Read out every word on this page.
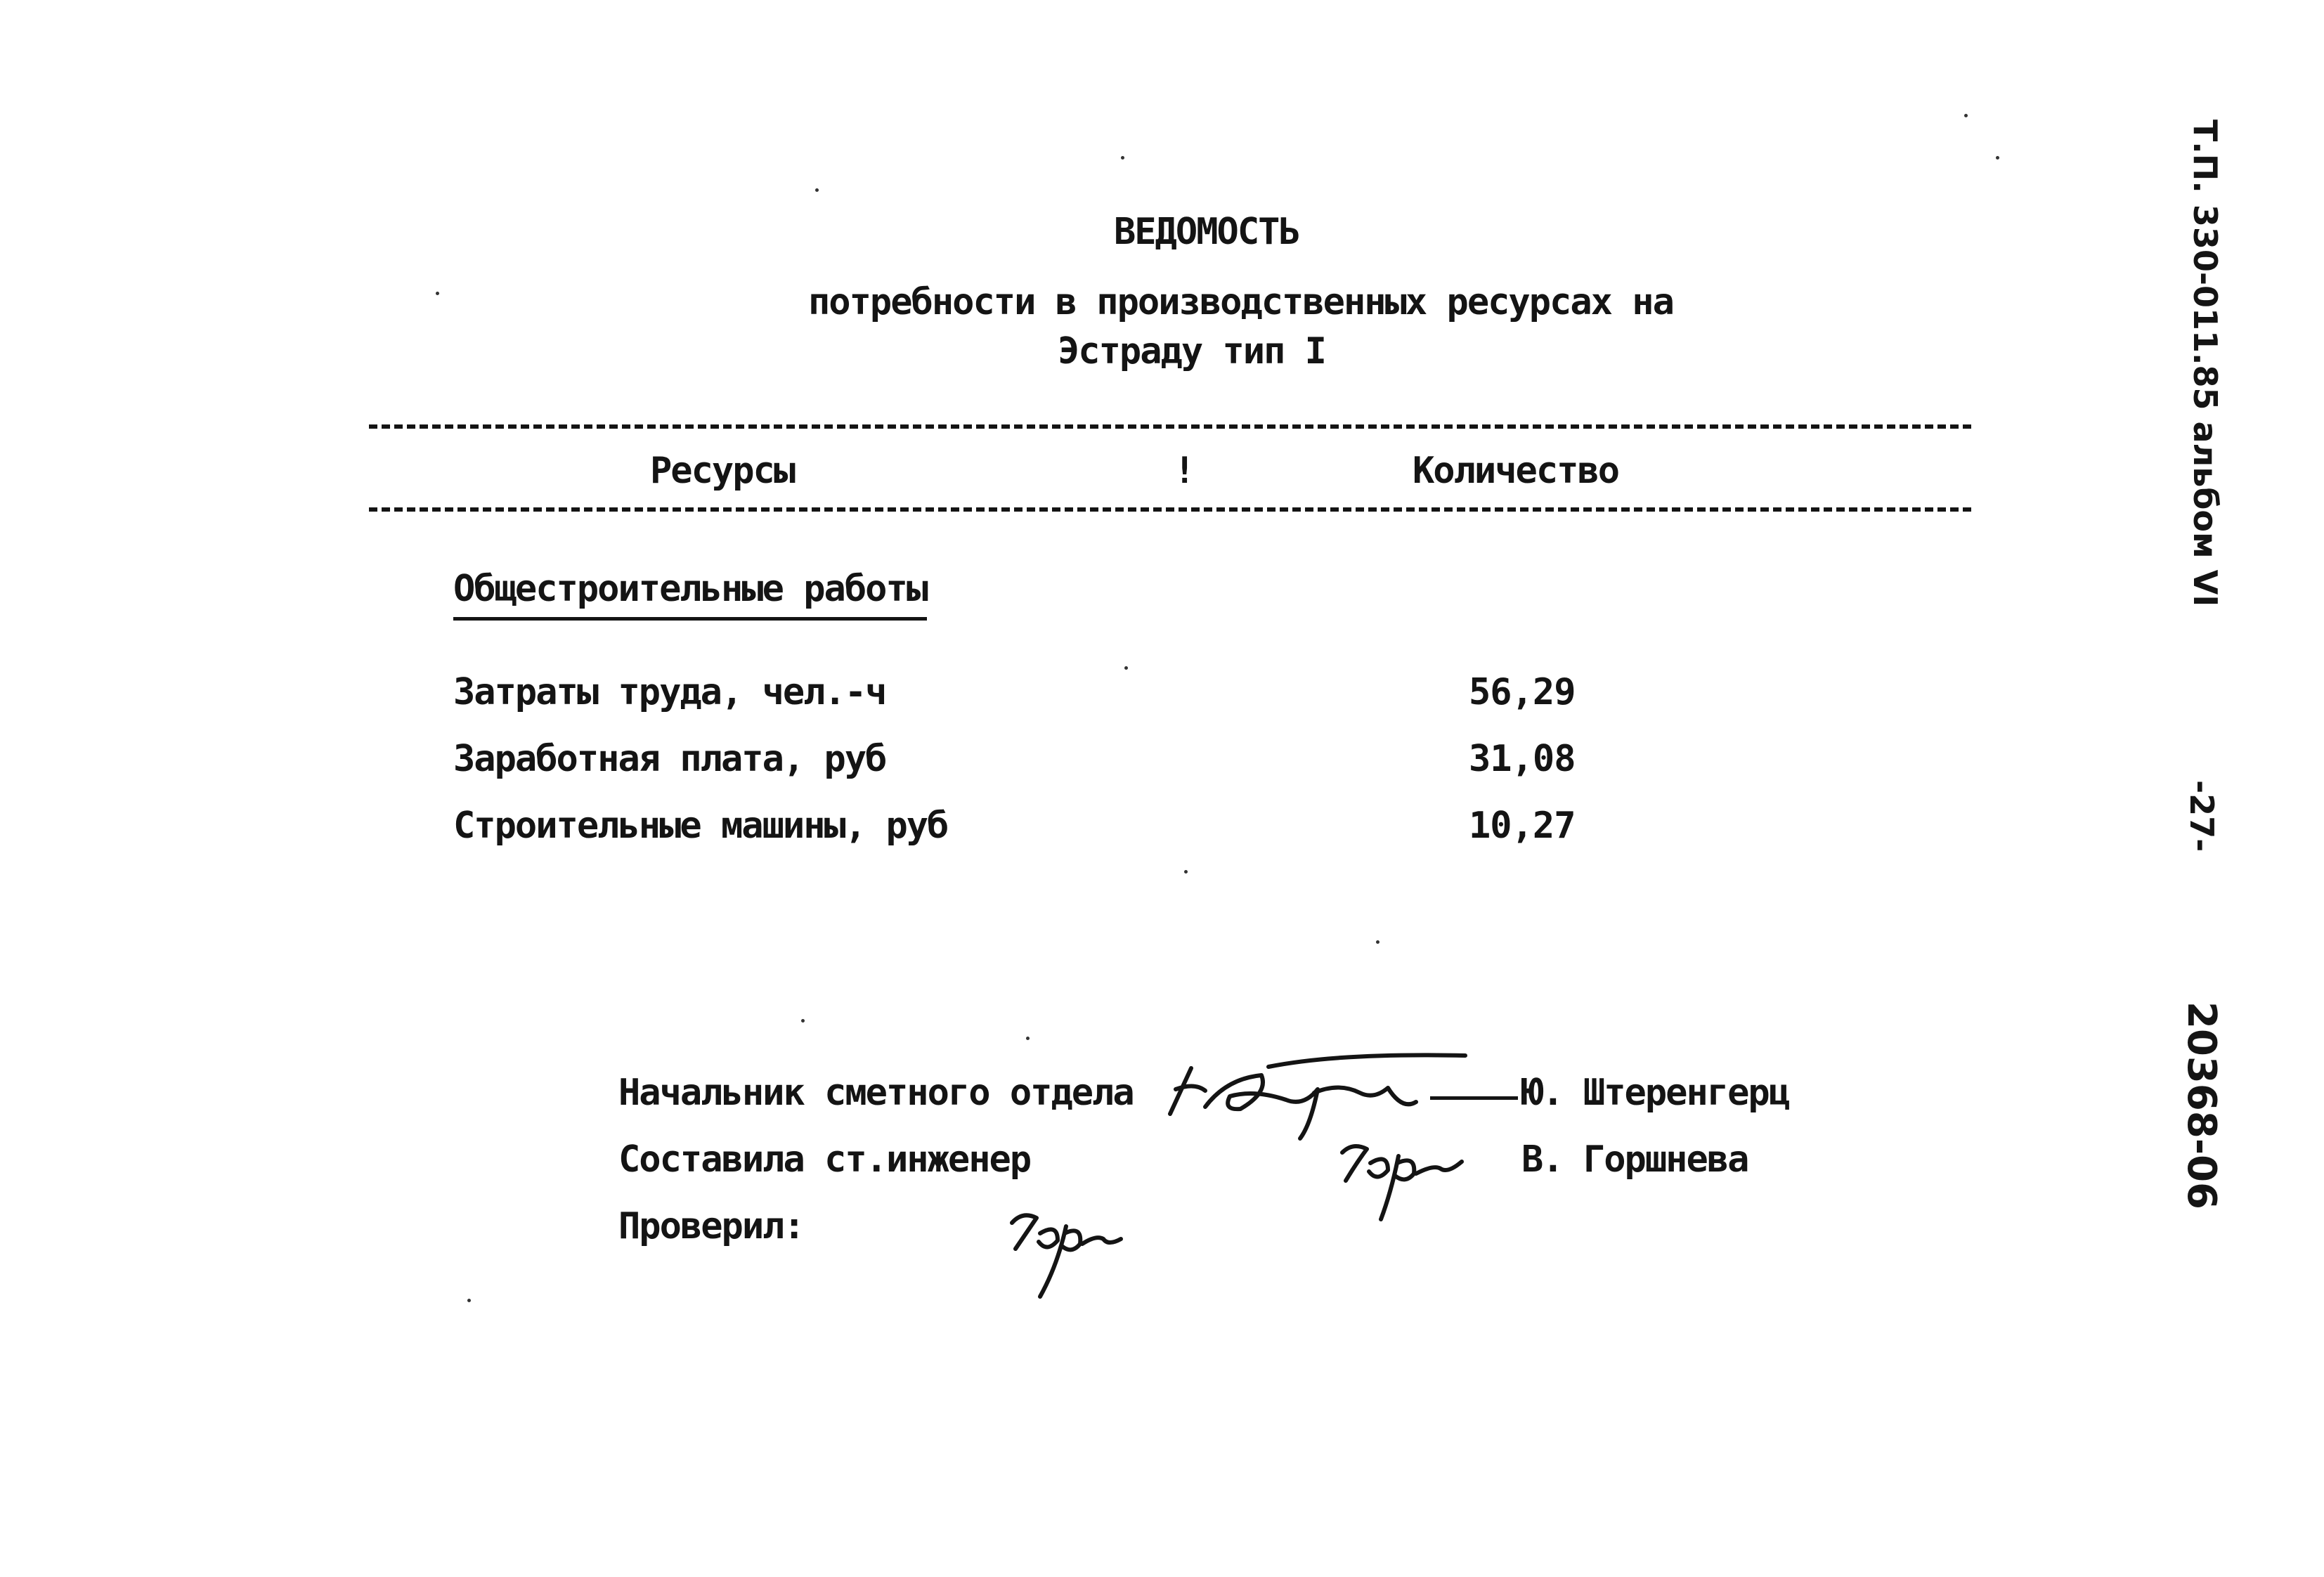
ВЕДОМОСТЬ
потребности в производственных ресурсах на
Эстраду тип I
Ресурсы	!	Количество
Общестроительные работы
Затраты труда, чел.-ч	56,29
Заработная плата, руб	31,08
Строительные машины, руб	10,27
Начальник сметного отдела	Ю. Штеренгерц
Составила ст.инженер	В. Горшнева
Проверил:
Т.П. 330-011.85 альбом VI
-27-
20368-06
